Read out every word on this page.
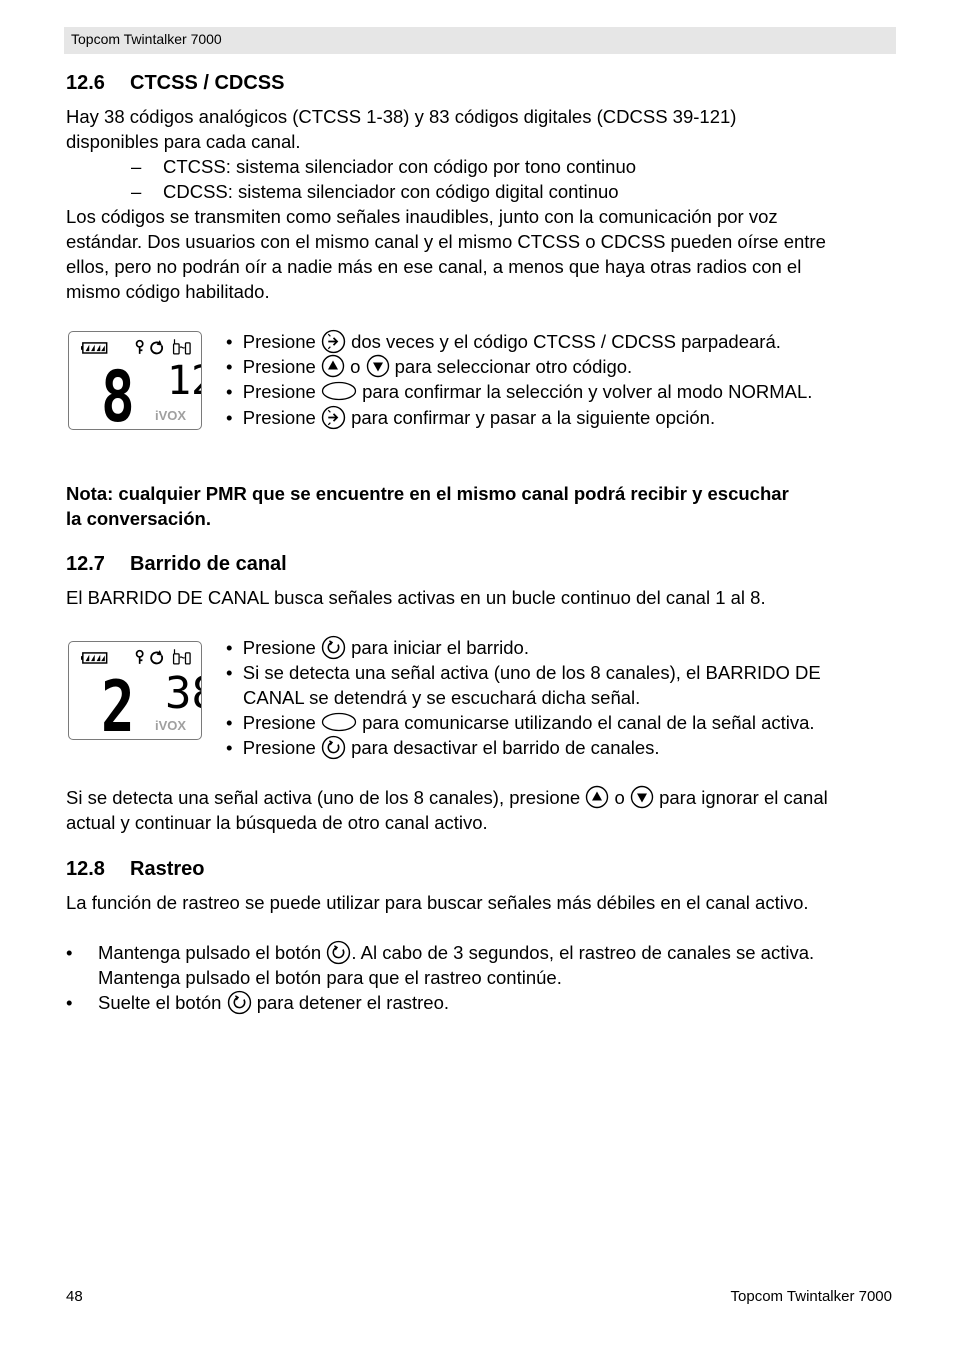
Topcom Twintalker 7000
12.6 CTCSS / CDCSS
Hay 38 códigos analógicos (CTCSS 1-38) y 83 códigos digitales (CDCSS 39-121)
disponibles para cada canal.
– CTCSS: sistema silenciador con código por tono continuo
– CDCSS: sistema silenciador con código digital continuo
Los códigos se transmiten como señales inaudibles, junto con la comunicación por voz
estándar. Dos usuarios con el mismo canal y el mismo CTCSS o CDCSS pueden oírse entre
ellos, pero no podrán oír a nadie más en ese canal, a menos que haya otras radios con el
mismo código habilitado.
8 1
iVOX
•  Presione dos veces y el código CTCSS / CDCSS parpadeará.
•  Presione o para seleccionar otro código.
•  Presione	para confirmar la selección y volver al modo NORMAL.
•  Presione para confirmar y pasar a la siguiente opción.
Nota: cualquier PMR que se encuentre en el mismo canal podrá recibir y escuchar
la conversación.
12.7 Barrido de canal
El BARRIDO DE CANAL busca señales activas en un bucle continuo del canal 1 al 8.
2 3
iVOX
•  Presione para iniciar el barrido.
•  Si se detecta una señal activa (uno de los 8 canales), el BARRIDO DE
CANAL se detendrá y se escuchará dicha señal.
•  Presione	para comunicarse utilizando el canal de la señal activa.
•  Presione para desactivar el barrido de canales.
Si se detecta una señal activa (uno de los 8 canales), presione o para ignorar el canal
actual y continuar la búsqueda de otro canal activo.
12.8 Rastreo
La función de rastreo se puede utilizar para buscar señales más débiles en el canal activo.
• Mantenga pulsado el botón . Al cabo de 3 segundos, el rastreo de canales se activa.
Mantenga pulsado el botón para que el rastreo continúe.
• Suelte el botón para detener el rastreo.
48	Topcom Twintalker 7000
